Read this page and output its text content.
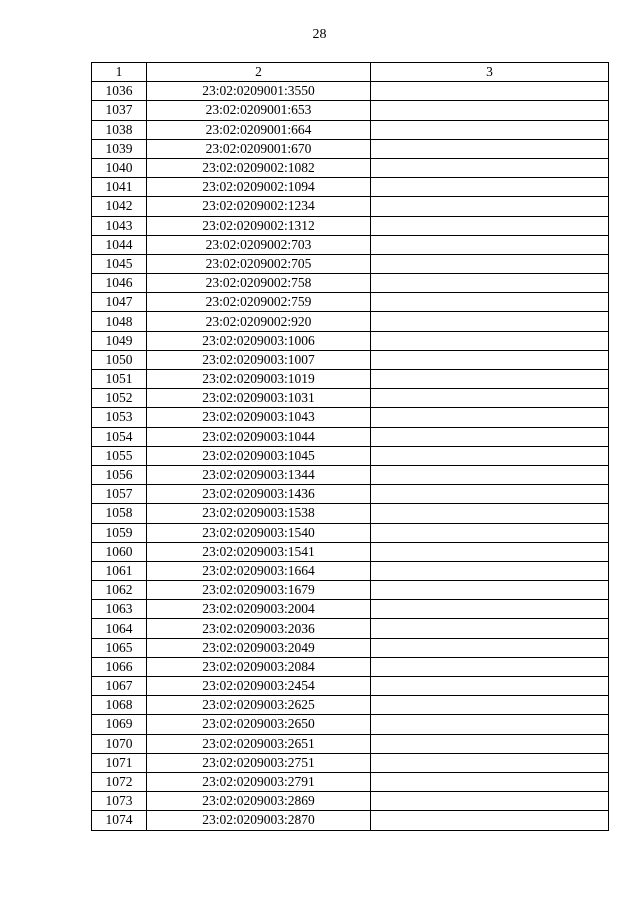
28
1	2	3
1036	23:02:0209001:3550	
1037	23:02:0209001:653	
1038	23:02:0209001:664	
1039	23:02:0209001:670	
1040	23:02:0209002:1082	
1041	23:02:0209002:1094	
1042	23:02:0209002:1234	
1043	23:02:0209002:1312	
1044	23:02:0209002:703	
1045	23:02:0209002:705	
1046	23:02:0209002:758	
1047	23:02:0209002:759	
1048	23:02:0209002:920	
1049	23:02:0209003:1006	
1050	23:02:0209003:1007	
1051	23:02:0209003:1019	
1052	23:02:0209003:1031	
1053	23:02:0209003:1043	
1054	23:02:0209003:1044	
1055	23:02:0209003:1045	
1056	23:02:0209003:1344	
1057	23:02:0209003:1436	
1058	23:02:0209003:1538	
1059	23:02:0209003:1540	
1060	23:02:0209003:1541	
1061	23:02:0209003:1664	
1062	23:02:0209003:1679	
1063	23:02:0209003:2004	
1064	23:02:0209003:2036	
1065	23:02:0209003:2049	
1066	23:02:0209003:2084	
1067	23:02:0209003:2454	
1068	23:02:0209003:2625	
1069	23:02:0209003:2650	
1070	23:02:0209003:2651	
1071	23:02:0209003:2751	
1072	23:02:0209003:2791	
1073	23:02:0209003:2869	
1074	23:02:0209003:2870	
